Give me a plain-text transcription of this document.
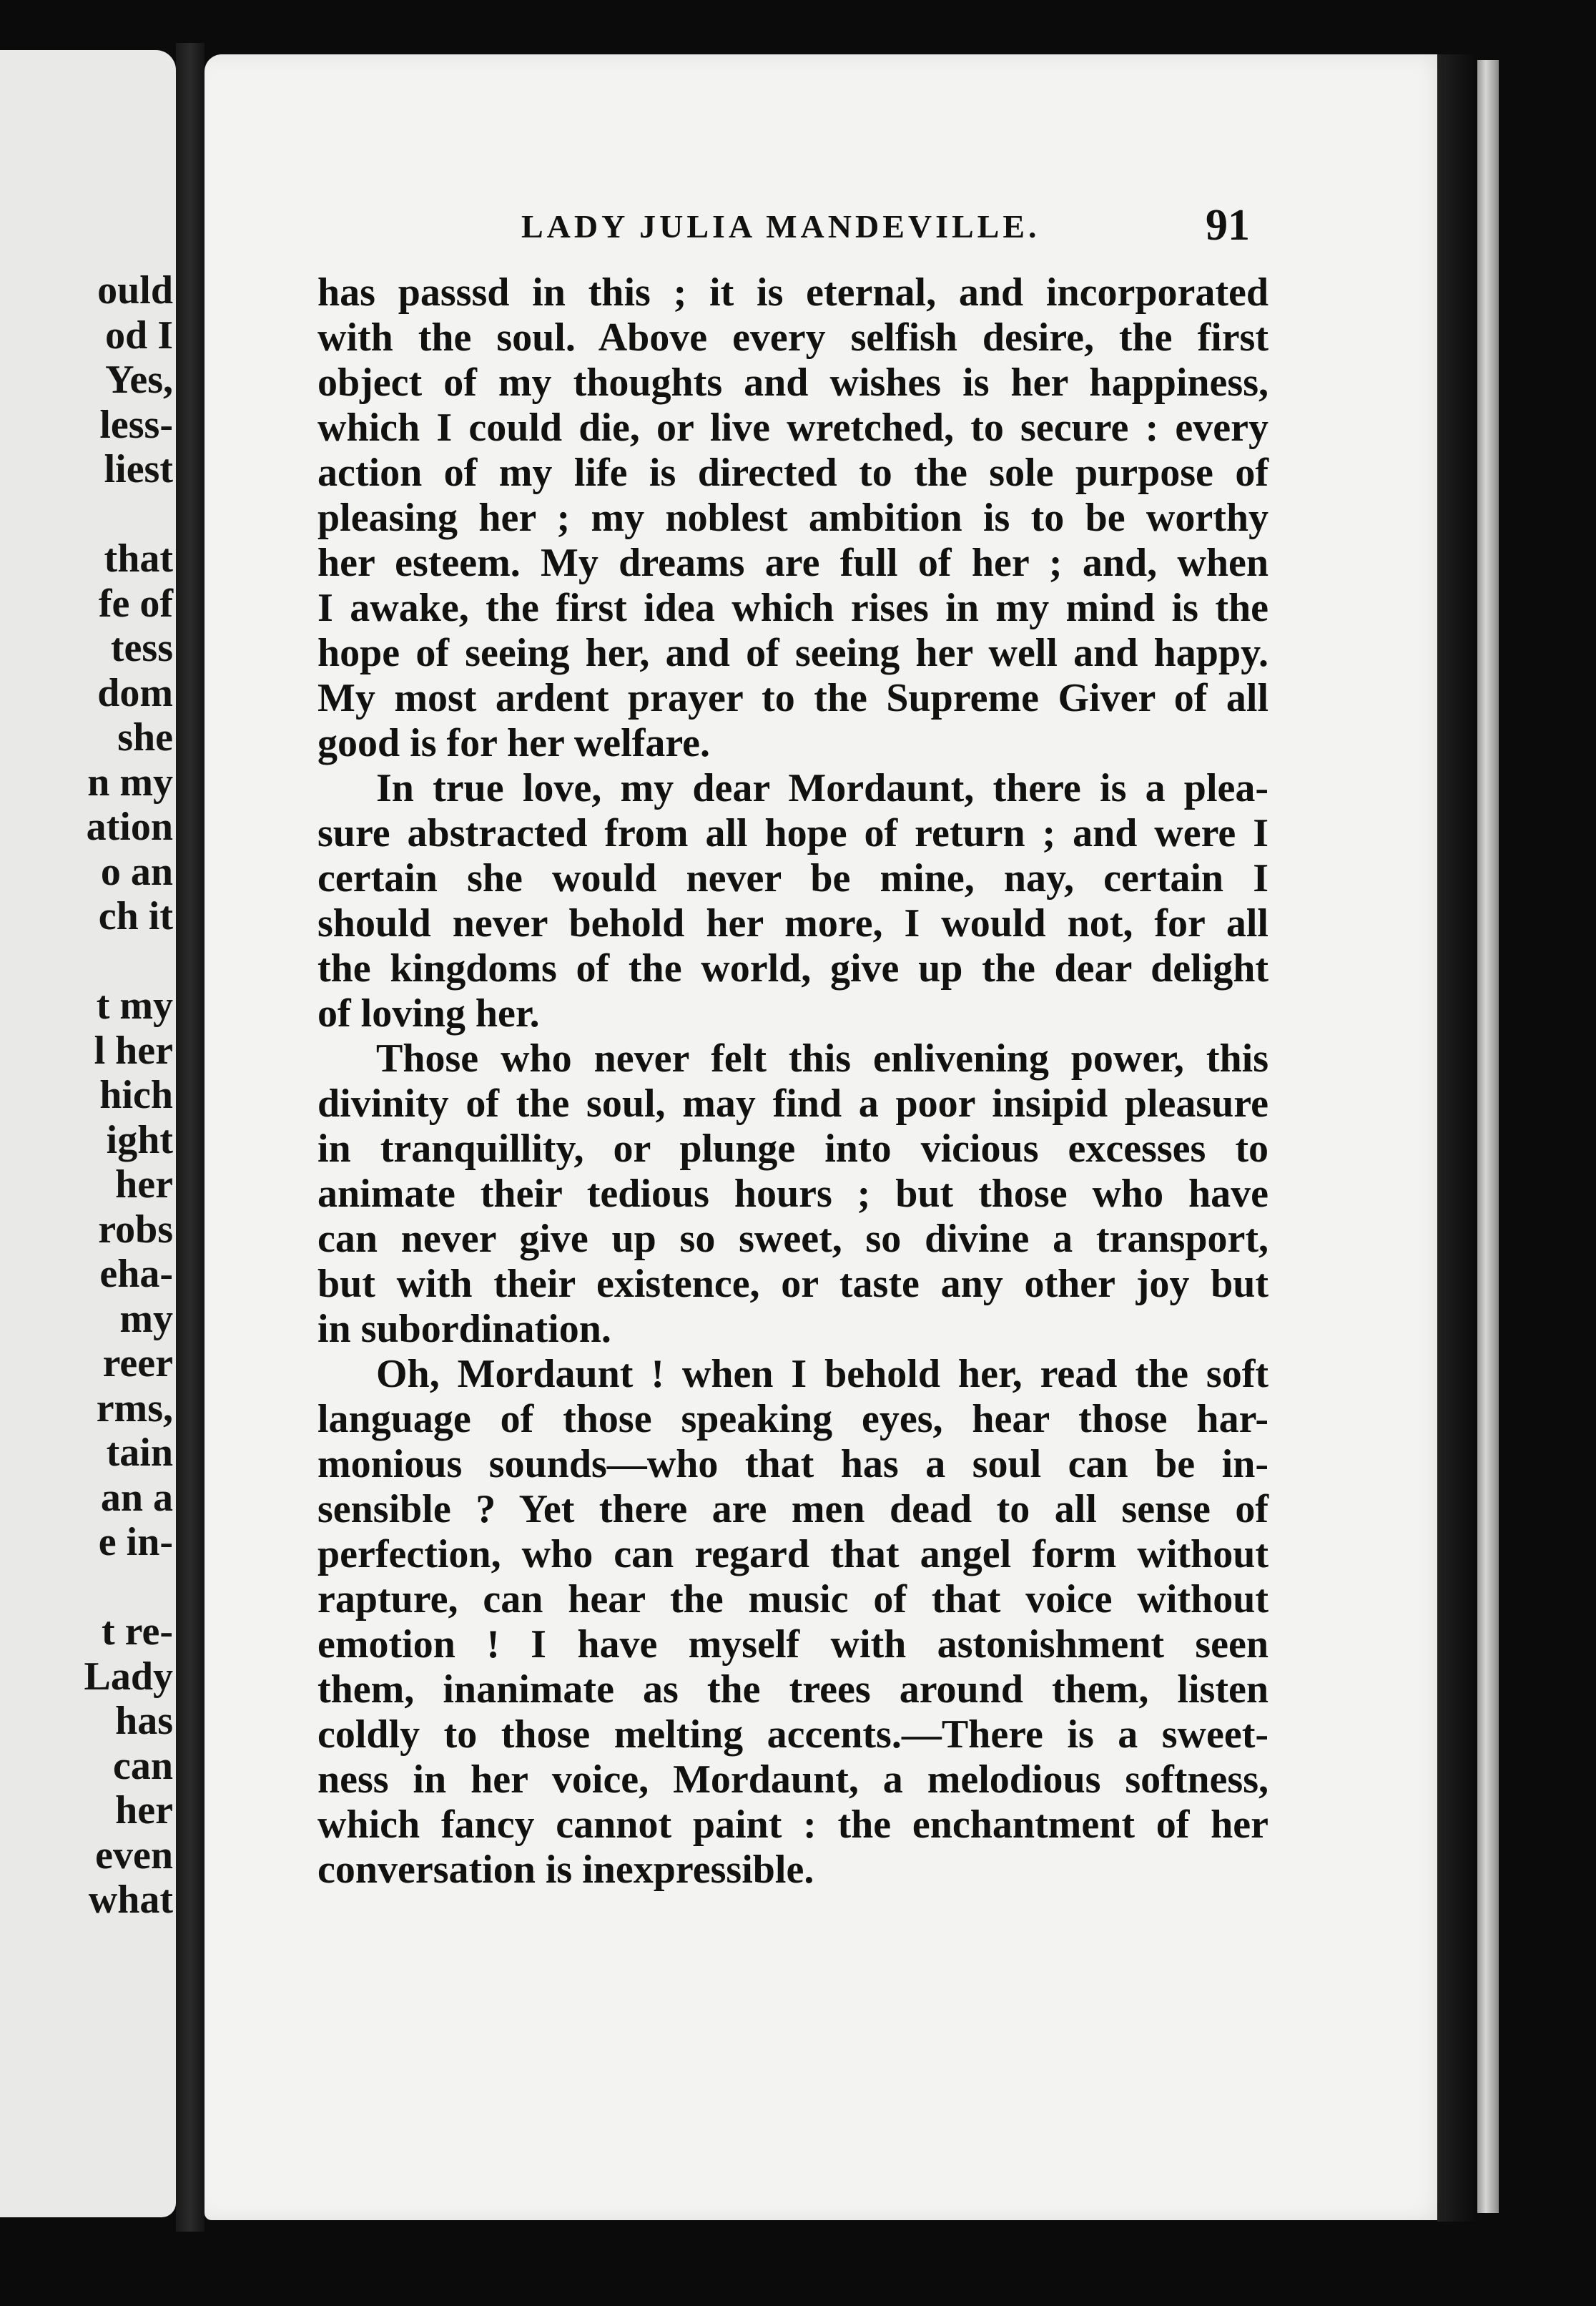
ould
od I
Yes,
less-
liest
that
fe of
tess
dom
she
n my
ation
o an
ch it
t my
l her
hich
ight
her
robs
eha-
my
reer
rms,
tain
an a
e in-
t re-
Lady
has
can
her
even
what
LADY JULIA MANDEVILLE.	91
has passsd in this ; it is eternal, and incorporated
with the soul. Above every selfish desire, the first
object of my thoughts and wishes is her happiness,
which I could die, or live wretched, to secure : every
action of my life is directed to the sole purpose of
pleasing her ; my noblest ambition is to be worthy
her esteem. My dreams are full of her ; and, when
I awake, the first idea which rises in my mind is the
hope of seeing her, and of seeing her well and happy.
My most ardent prayer to the Supreme Giver of all
good is for her welfare.
In true love, my dear Mordaunt, there is a plea-
sure abstracted from all hope of return ; and were I
certain she would never be mine, nay, certain I
should never behold her more, I would not, for all
the kingdoms of the world, give up the dear delight
of loving her.
Those who never felt this enlivening power, this
divinity of the soul, may find a poor insipid pleasure
in tranquillity, or plunge into vicious excesses to
animate their tedious hours ; but those who have
can never give up so sweet, so divine a transport,
but with their existence, or taste any other joy but
in subordination.
Oh, Mordaunt ! when I behold her, read the soft
language of those speaking eyes, hear those har-
monious sounds—who that has a soul can be in-
sensible ? Yet there are men dead to all sense of
perfection, who can regard that angel form without
rapture, can hear the music of that voice without
emotion ! I have myself with astonishment seen
them, inanimate as the trees around them, listen
coldly to those melting accents.—There is a sweet-
ness in her voice, Mordaunt, a melodious softness,
which fancy cannot paint : the enchantment of her
conversation is inexpressible.
